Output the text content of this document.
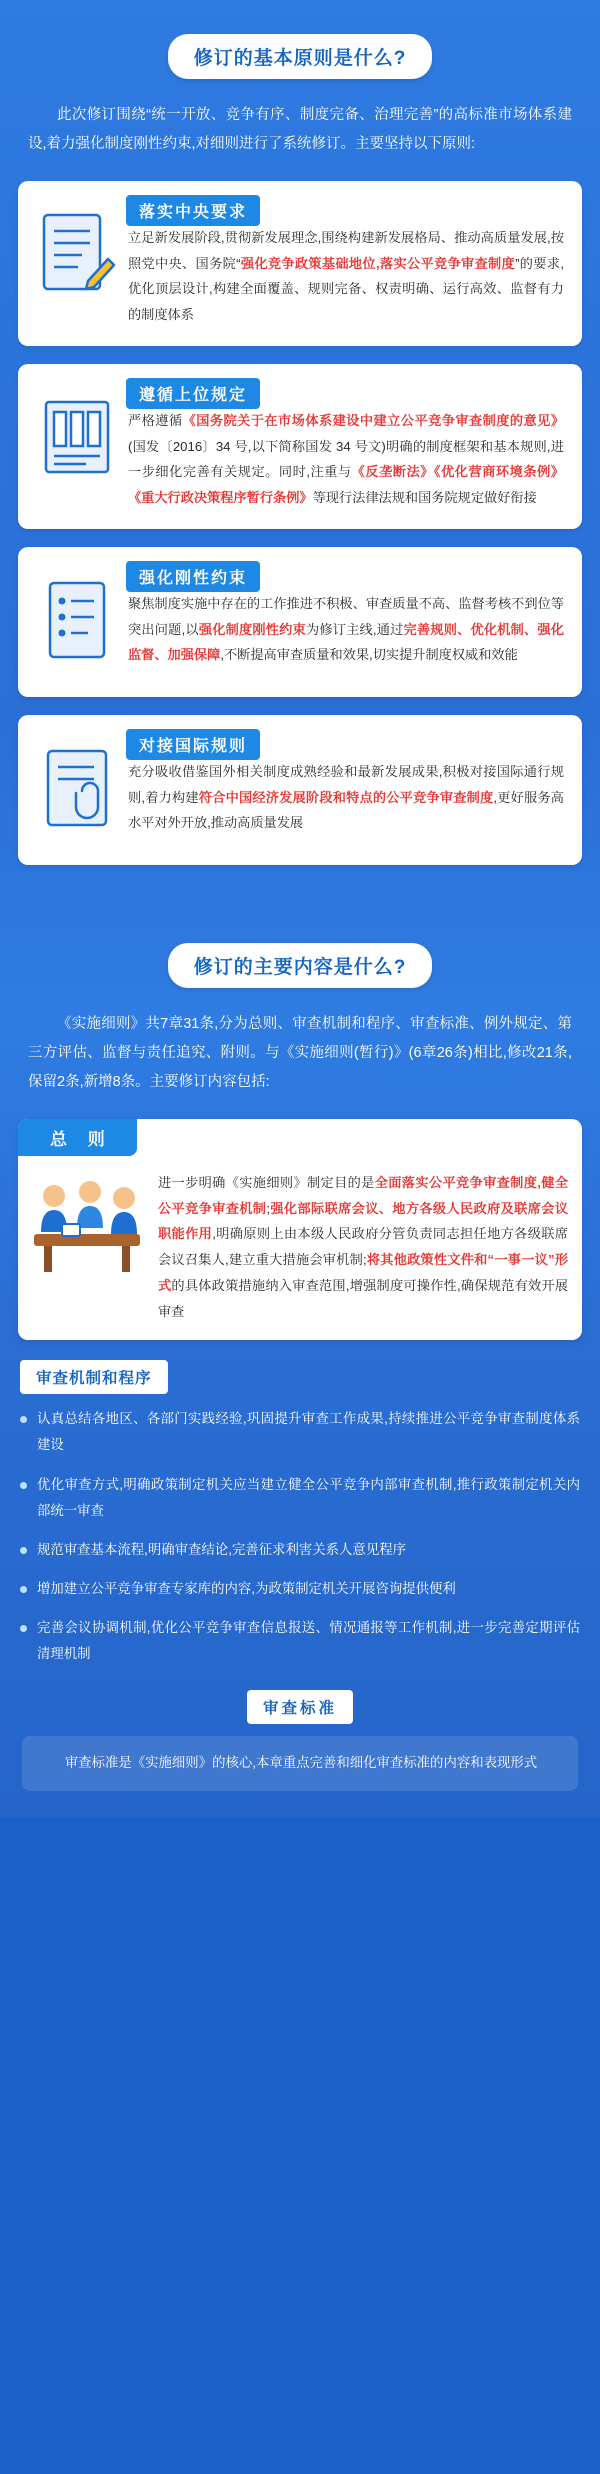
修订的基本原则是什么?
此次修订围绕“统一开放、竞争有序、制度完备、治理完善”的高标准市场体系建设,着力强化制度刚性约束,对细则进行了系统修订。主要坚持以下原则:
落实中央要求
立足新发展阶段,贯彻新发展理念,围绕构建新发展格局、推动高质量发展,按照党中央、国务院“强化竞争政策基础地位,落实公平竞争审查制度”的要求,优化顶层设计,构建全面覆盖、规则完备、权责明确、运行高效、监督有力的制度体系
遵循上位规定
严格遵循《国务院关于在市场体系建设中建立公平竞争审查制度的意见》(国发〔2016〕34 号,以下简称国发 34 号文)明确的制度框架和基本规则,进一步细化完善有关规定。同时,注重与《反垄断法》《优化营商环境条例》《重大行政决策程序暂行条例》等现行法律法规和国务院规定做好衔接
强化刚性约束
聚焦制度实施中存在的工作推进不积极、审查质量不高、监督考核不到位等突出问题,以强化制度刚性约束为修订主线,通过完善规则、优化机制、强化监督、加强保障,不断提高审查质量和效果,切实提升制度权威和效能
对接国际规则
充分吸收借鉴国外相关制度成熟经验和最新发展成果,积极对接国际通行规则,着力构建符合中国经济发展阶段和特点的公平竞争审查制度,更好服务高水平对外开放,推动高质量发展
修订的主要内容是什么?
《实施细则》共7章31条,分为总则、审查机制和程序、审查标准、例外规定、第三方评估、监督与责任追究、附则。与《实施细则(暂行)》(6章26条)相比,修改21条,保留2条,新增8条。主要修订内容包括:
总 则
进一步明确《实施细则》制定目的是全面落实公平竞争审查制度,健全公平竞争审查机制;强化部际联席会议、地方各级人民政府及联席会议职能作用,明确原则上由本级人民政府分管负责同志担任地方各级联席会议召集人,建立重大措施会审机制;将其他政策性文件和“一事一议”形式的具体政策措施纳入审查范围,增强制度可操作性,确保规范有效开展审查
审查机制和程序
认真总结各地区、各部门实践经验,巩固提升审查工作成果,持续推进公平竞争审查制度体系建设
优化审查方式,明确政策制定机关应当建立健全公平竞争内部审查机制,推行政策制定机关内部统一审查
规范审查基本流程,明确审查结论,完善征求利害关系人意见程序
增加建立公平竞争审查专家库的内容,为政策制定机关开展咨询提供便利
完善会议协调机制,优化公平竞争审查信息报送、情况通报等工作机制,进一步完善定期评估清理机制
审查标准
审查标准是《实施细则》的核心,本章重点完善和细化审查标准的内容和表现形式
